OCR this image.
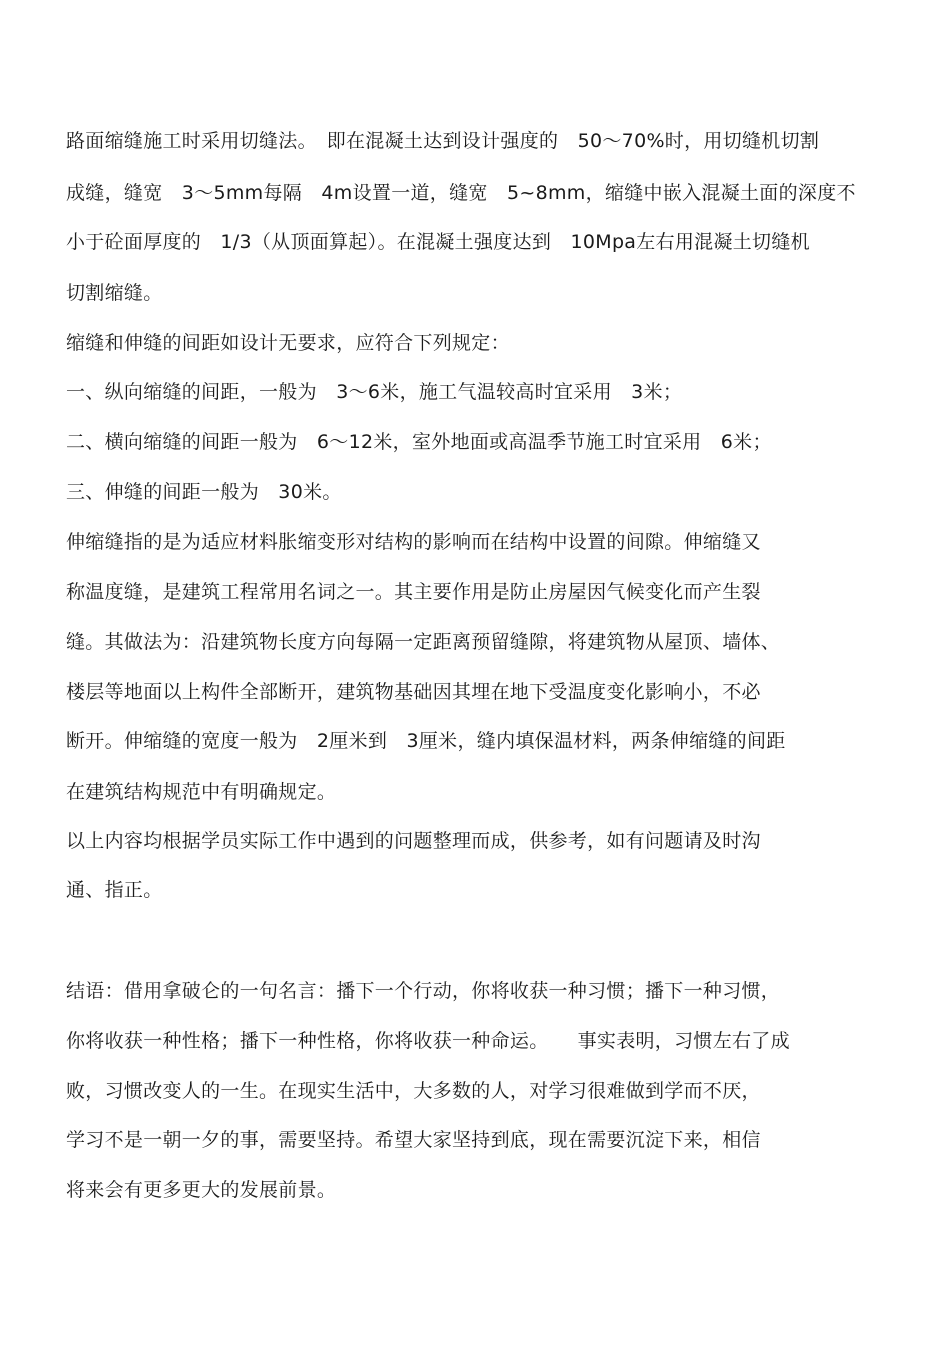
路面缩缝施工时采用切缝法。　即在混凝土达到设计强度的　50～70%时，用切缝机切割
成缝，缝宽　3～5mm每隔　4m设置一道，缝宽　5~8mm，缩缝中嵌入混凝土面的深度不
小于砼面厚度的　1/3（从顶面算起）。在混凝土强度达到　10Mpa左右用混凝土切缝机
切割缩缝。
缩缝和伸缝的间距如设计无要求，应符合下列规定：
一、纵向缩缝的间距，一般为　3～6米，施工气温较高时宜采用　3米；
二、横向缩缝的间距一般为　6～12米，室外地面或高温季节施工时宜采用　6米；
三、伸缝的间距一般为　30米。
伸缩缝指的是为适应材料胀缩变形对结构的影响而在结构中设置的间隙。伸缩缝又
称温度缝，是建筑工程常用名词之一。其主要作用是防止房屋因气候变化而产生裂
缝。其做法为：沿建筑物长度方向每隔一定距离预留缝隙，将建筑物从屋顶、墙体、
楼层等地面以上构件全部断开，建筑物基础因其埋在地下受温度变化影响小，不必
断开。伸缩缝的宽度一般为　2厘米到　3厘米，缝内填保温材料，两条伸缩缝的间距
在建筑结构规范中有明确规定。
以上内容均根据学员实际工作中遇到的问题整理而成，供参考，如有问题请及时沟
通、指正。
结语：借用拿破仑的一句名言：播下一个行动，你将收获一种习惯；播下一种习惯，
你将收获一种性格；播下一种性格，你将收获一种命运。　　事实表明，习惯左右了成
败，习惯改变人的一生。在现实生活中，大多数的人，对学习很难做到学而不厌，
学习不是一朝一夕的事，需要坚持。希望大家坚持到底，现在需要沉淀下来，相信
将来会有更多更大的发展前景。
